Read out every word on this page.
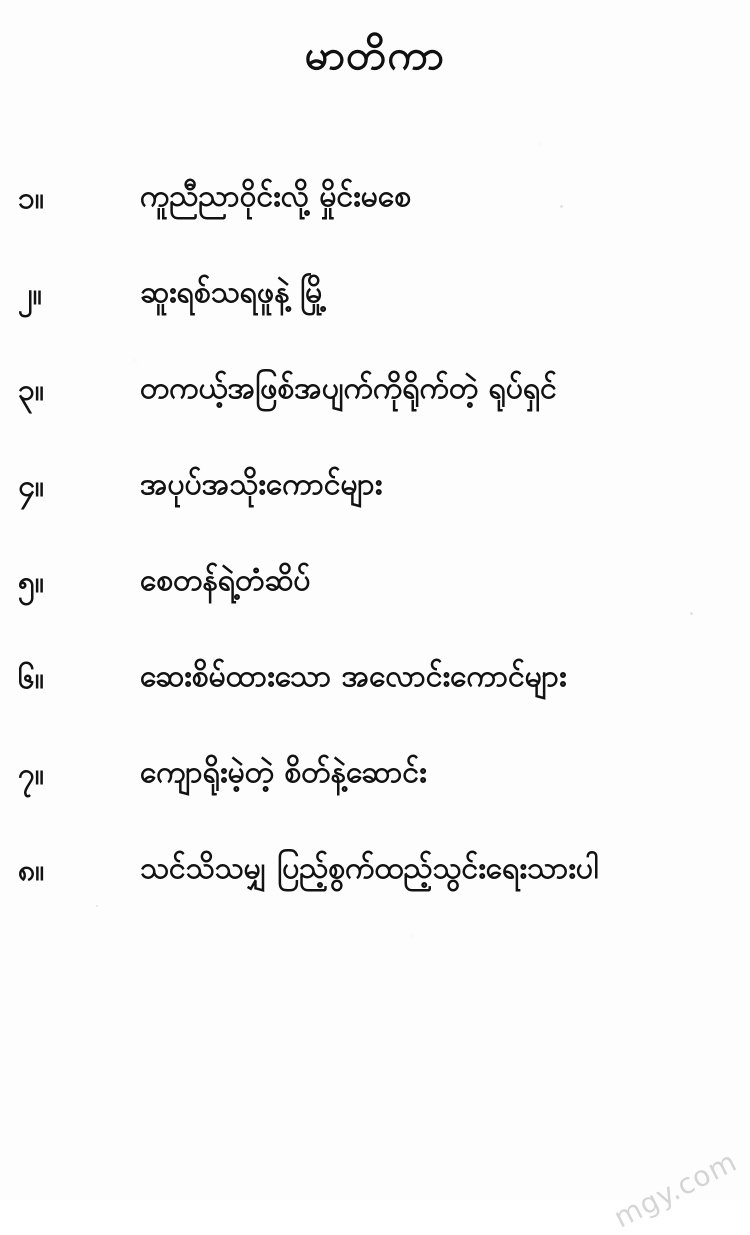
မာတိကာ
၁။	ကူညီညာဝိုင်းလို့ မှိုင်းမစေ
၂။	ဆူးရစ်သရဖူနဲ့ မြို့
၃။	တကယ့်အဖြစ်အပျက်ကိုရိုက်တဲ့ ရုပ်ရှင်
၄။	အပုပ်အသိုးကောင်များ
၅။	စေတန်ရဲ့တံဆိပ်
၆။	ဆေးစိမ်ထားသော အလောင်းကောင်များ
၇။	ကျောရိုးမဲ့တဲ့ စိတ်နဲ့ဆောင်း
၈။	သင်သိသမျှ ပြည့်စွက်ထည့်သွင်းရေးသားပါ
mgy.com
